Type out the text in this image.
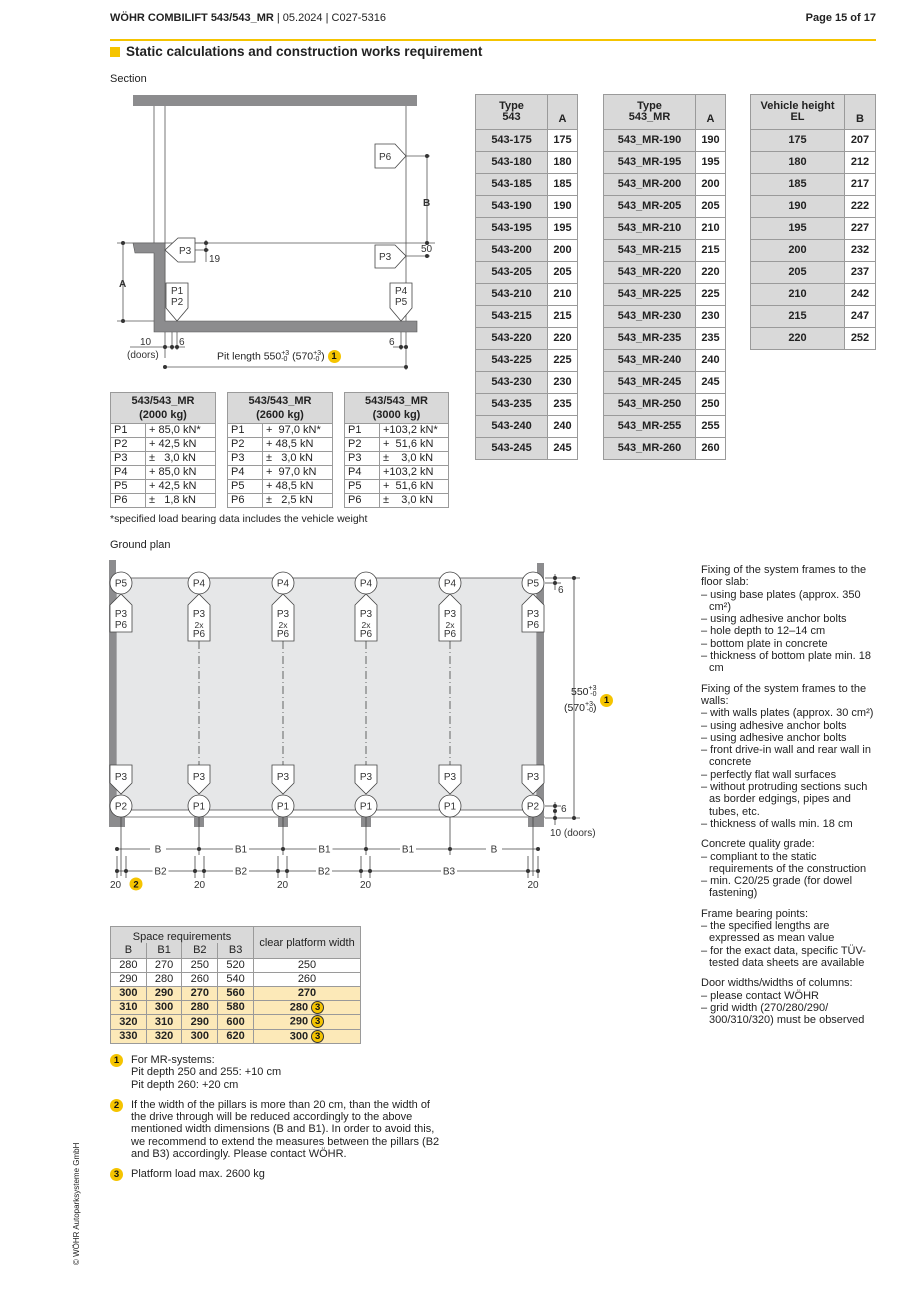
WÖHR COMBILIFT 543/543_MR | 05.2024 | C027-5316	Page 15 of 17
Static calculations and construction works requirement
Section
P6
P3
P3
P1
P2
P4
P5
B
A
19
50
6	6
10
(doors)	Pit length 550 +3
-0 (570 +3
-0 ) 1
*specified load bearing data includes the vehicle weight
Ground plan
P3
P6
P3
P5
P2
P3
2x
P6
P3
P4
P1
P3
2x
P6
P3
P4
P1
P3
2x
P6
P3
P4
P1
P3
2x
P6
P3
P4
P1
P3
P6
P3
P5
P2
B	B1	B1	B1	B
20
B2
20
B2
20
B2
20
B3
20
2
6
6
10 (doors)
550 +3
-0
(570 +3
-0 )
1
1	For MR-systems:
Pit depth 250 and 255: +10 cm
Pit depth 260: +20 cm
2	If the width of the pillars is more than 20 cm, than the width of the drive through will be reduced accordingly to the above mentioned width dimensions (B and B1). In order to avoid this, we recommend to extend the measures between the pillars (B2 and B3) accordingly. Please contact WÖHR.
3	Platform load max. 2600 kg
Fixing of the system frames to the floor slab:
– using base plates (approx. 350 cm²)
– using adhesive anchor bolts
– hole depth to 12–14 cm
– bottom plate in concrete
– thickness of bottom plate min. 18 cm
Fixing of the system frames to the walls:
– with walls plates (approx. 30 cm²)
– using adhesive anchor bolts
– using adhesive anchor bolts
– front drive-in wall and rear wall in concrete
– perfectly flat wall surfaces
– without protruding sections such as border edgings, pipes and tubes, etc.
– thickness of walls min. 18 cm
Concrete quality grade:
– compliant to the static requirements of the construction
– min. C20/25 grade (for dowel fastening)
Frame bearing points:
– the specified lengths are expressed as mean value
– for the exact data, specific TÜV-tested data sheets are available
Door widths/widths of columns:
– please contact WÖHR
– grid width (270/280/290/ 300/310/320) must be observed
© WÖHR Autoparksysteme GmbH
543/543_MR
(2000 kg)	

P1	+ 85,0 kN*
P2	+ 42,5 kN
P3	±   3,0 kN
P4	+ 85,0 kN
P5	+ 42,5 kN
P6	±   1,8 kN
543/543_MR
(2600 kg)	

P1	+  97,0 kN*
P2	+ 48,5 kN
P3	±   3,0 kN
P4	+  97,0 kN
P5	+ 48,5 kN
P6	±   2,5 kN
543/543_MR
(3000 kg)	

P1	+103,2 kN*
P2	+  51,6 kN
P3	±    3,0 kN
P4	+103,2 kN
P5	+  51,6 kN
P6	±    3,0 kN
Type
543	A
543-175	175
543-180	180
543-185	185
543-190	190
543-195	195
543-200	200
543-205	205
543-210	210
543-215	215
543-220	220
543-225	225
543-230	230
543-235	235
543-240	240
543-245	245
Type
543_MR	A
543_MR-190	190
543_MR-195	195
543_MR-200	200
543_MR-205	205
543_MR-210	210
543_MR-215	215
543_MR-220	220
543_MR-225	225
543_MR-230	230
543_MR-235	235
543_MR-240	240
543_MR-245	245
543_MR-250	250
543_MR-255	255
543_MR-260	260
Vehicle height
EL	B
175	207
180	212
185	217
190	222
195	227
200	232
205	237
210	242
215	247
220	252
Space requirements				clear platform width
B	B1	B2	B3	
280	270	250	520	250
290	280	260	540	260
300	290	270	560	270
310	300	280	580	280 3
320	310	290	600	290 3
330	320	300	620	300 3
